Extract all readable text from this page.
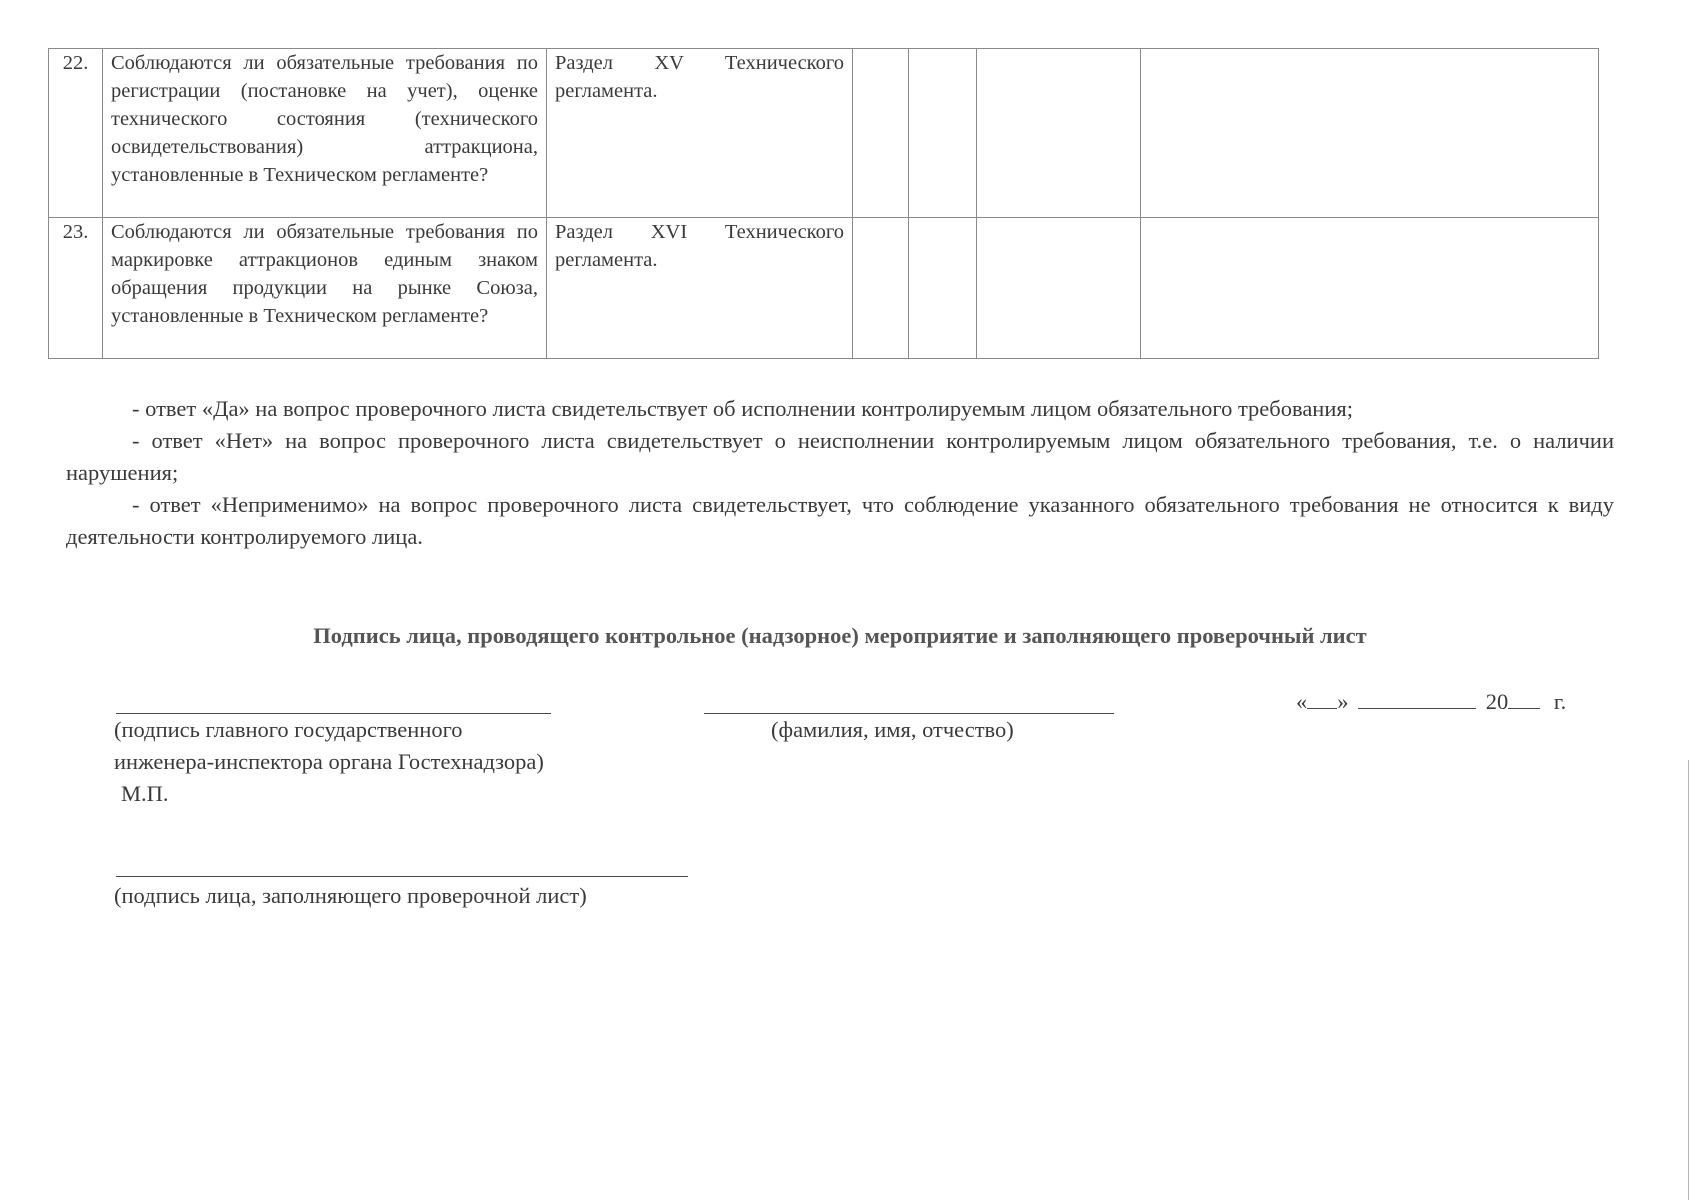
22.	Соблюдаются ли обязательные требования по регистрации (постановке на учет), оценке технического состояния (технического освидетельствования) аттракциона, установленные в Техническом регламенте?	Раздел XV Технического регламента.				
23.	Соблюдаются ли обязательные требования по маркировке аттракционов единым знаком обращения продукции на рынке Союза, установленные в Техническом регламенте?	Раздел XVI Технического регламента.				

- ответ «Да» на вопрос проверочного листа свидетельствует об исполнении контролируемым лицом обязательного требования;

- ответ «Нет» на вопрос проверочного листа свидетельствует о неисполнении контролируемым лицом обязательного требования, т.е. о наличии нарушения;

- ответ «Неприменимо» на вопрос проверочного листа свидетельствует, что соблюдение указанного обязательного требования не относится к виду деятельности контролируемого лица.

Подпись лица, проводящего контрольное (надзорное) мероприятие и заполняющего проверочный лист
(подпись главного государственного
инженера-инспектора органа Гостехнадзора)
М.П.
(фамилия, имя, отчество)
« »	20 г.
(подпись лица, заполняющего проверочной лист)
